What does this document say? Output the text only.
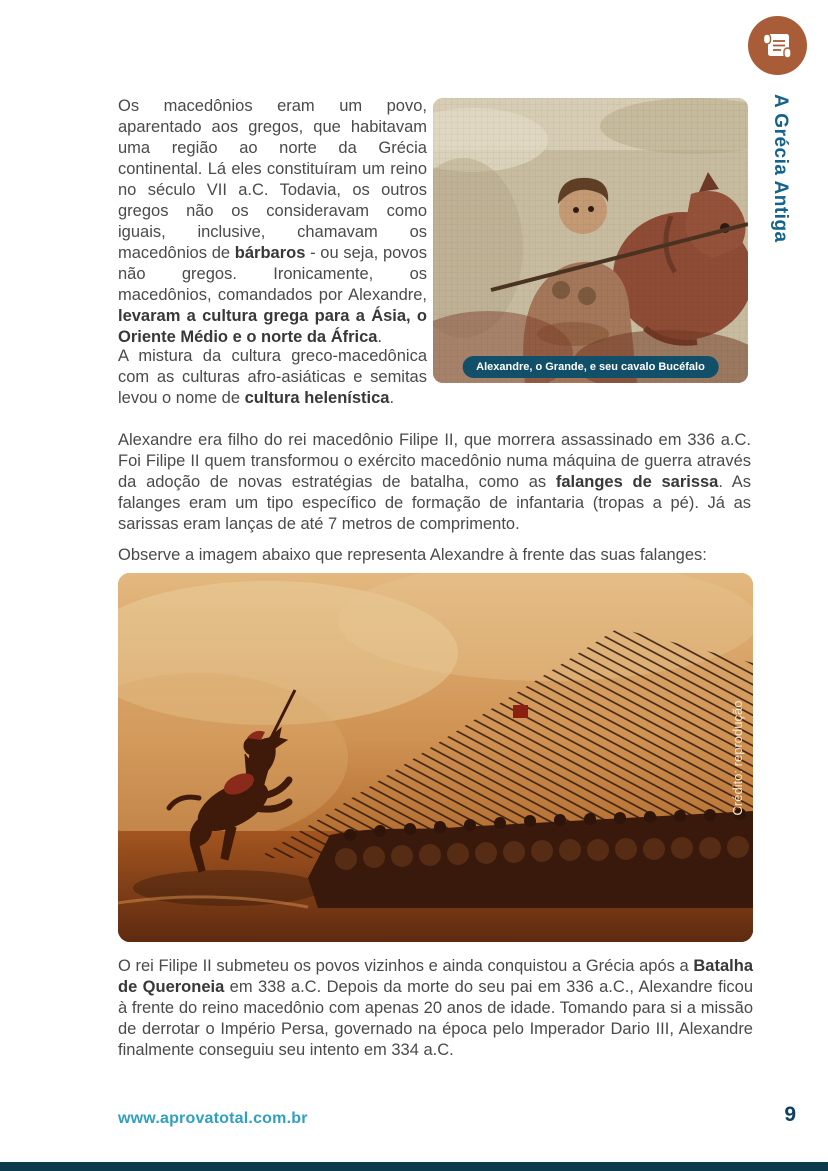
A Grécia Antiga

Os macedônios eram um povo, aparentado aos gregos, que habitavam uma região ao norte da Grécia continental. Lá eles constituíram um reino no século VII a.C. Todavia, os outros gregos não os consideravam como iguais, inclusive, chamavam os macedônios de bárbaros - ou seja, povos não gregos. Ironicamente, os macedônios, comandados por Alexandre, levaram a cultura grega para a Ásia, o Oriente Médio e o norte da África.

Alexandre, o Grande, e seu cavalo Bucéfalo

A mistura da cultura greco-macedônica com as culturas afro-asiáticas e semitas levou o nome de cultura helenística.

Alexandre era filho do rei macedônio Filipe II, que morrera assassinado em 336 a.C. Foi Filipe II quem transformou o exército macedônio numa máquina de guerra através da adoção de novas estratégias de batalha, como as falanges de sarissa. As falanges eram um tipo específico de formação de infantaria (tropas a pé). Já as sarissas eram lanças de até 7 metros de comprimento.

Observe a imagem abaixo que representa Alexandre à frente das suas falanges:

Crédito: reprodução

O rei Filipe II submeteu os povos vizinhos e ainda conquistou a Grécia após a Batalha de Queroneia em 338 a.C. Depois da morte do seu pai em 336 a.C., Alexandre ficou à frente do reino macedônio com apenas 20 anos de idade. Tomando para si a missão de derrotar o Império Persa, governado na época pelo Imperador Dario III, Alexandre finalmente conseguiu seu intento em 334 a.C.

www.aprovatotal.com.br	9
